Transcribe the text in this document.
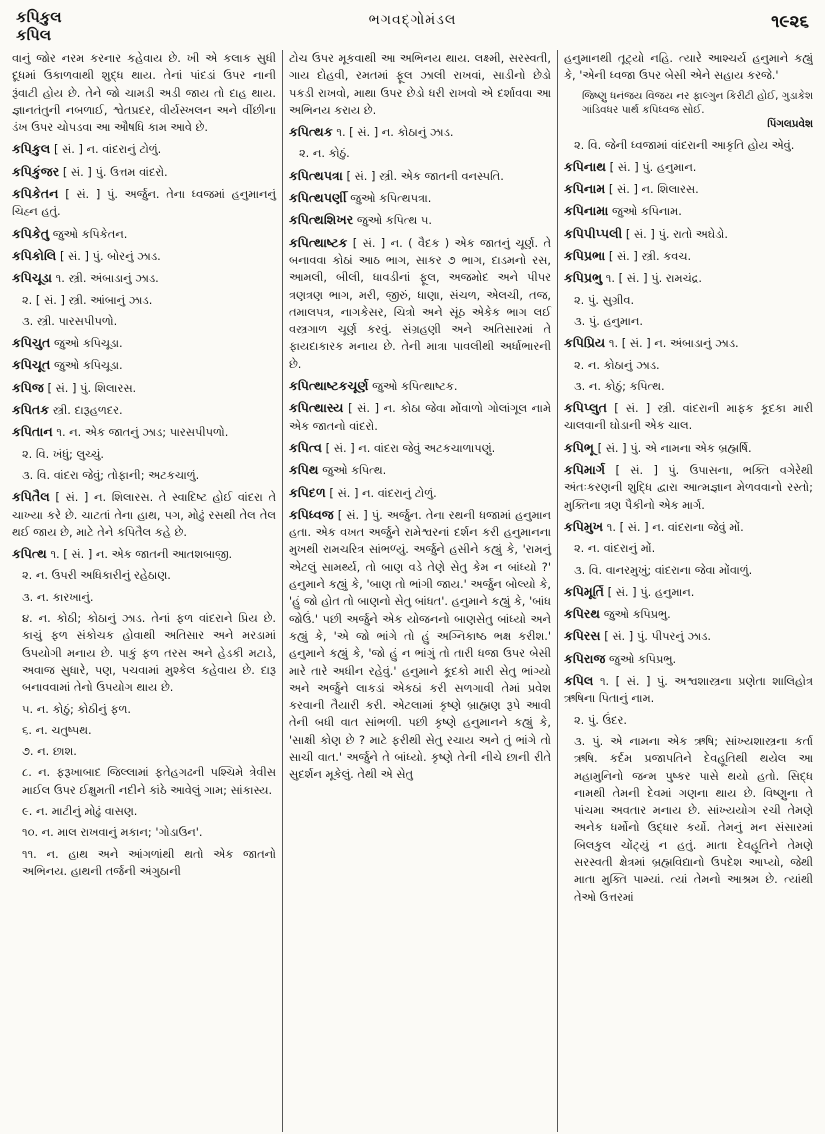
કપિકુલ
કપિલ
ભગવદ્ગોમંડલ	૧૯૨૬

વાનું જોર નરમ કરનાર કહેવાય છે. ખી એ કલાક સુધી દૂધમાં ઉકાળવાથી શુદ્ધ થાય. તેનાં પાંદડાં ઉપર નાની રૂંવાટી હોય છે. તેને જો ચામડી અડી જાય તો દાહ થાય. જ્ઞાનતંતુની નબળાઈ, શ્વેતપ્રદર, વીર્યસ્ખલન અને વીંછીના ડંખ ઉપર ચોપડવા આ ઔષધિ કામ આવે છે.

કપિકુલ [ સં. ] ન. વાંદરાનું ટોળું.

કપિકુંજર [ સં. ] પું. ઉત્તમ વાંદરો.

કપિકેતન [ સં. ] પું. અર્જુન. તેના ધ્વજમાં હનુમાનનું ચિહ્ન હતું.

કપિકેતુ જુઓ કપિકેતન.

કપિકોલિ [ સં. ] પું. બોરનું ઝાડ.

કપિચૂડા ૧. સ્ત્રી. અંબાડાનું ઝાડ.

૨. [ સં. ] સ્ત્રી. આંબાનું ઝાડ.

૩. સ્ત્રી. પારસપીપળો.

કપિચુત જુઓ કપિચૂડા.

કપિચૂત જુઓ કપિચૂડા.

કપિજ [ સં. ] પું. શિલારસ.

કપિતક સ્ત્રી. દારૂહળદર.

કપિતાન ૧. ન. એક જાતનું ઝાડ; પારસપીપળો.

૨. વિ. ખંધું; લુચ્ચું.

૩. વિ. વાંદરા જેવું; તોફાની; અટકચાળું.

કપિતૈલ [ સં. ] ન. શિલારસ. તે સ્વાદિષ્ટ હોઈ વાંદરા તે ચાખ્યા કરે છે. ચાટતાં તેના હાથ, પગ, મોઢું રસથી તેલ તેલ થઈ જાય છે, માટે તેને કપિતૈલ કહે છે.

કપિત્થ ૧. [ સં. ] ન. એક જાતની આતશબાજી.

૨. ન. ઉપરી અધિકારીનું રહેઠાણ.

૩. ન. કારખાનું.

૪. ન. કોઠી; કોઠાનું ઝાડ. તેનાં ફળ વાંદરાને પ્રિય છે. કાચું ફળ સંકોચક હોવાથી અતિસાર અને મરડામાં ઉપયોગી મનાય છે. પાકું ફળ તરસ અને હેડકી મટાડે, અવાજ સુધારે, પણ, પચવામાં મુશ્કેલ કહેવાય છે. દારૂ બનાવવામાં તેનો ઉપયોગ થાય છે.

૫. ન. કોઠું; કોઠીનું ફળ.

૬. ન. ચતુષ્પથ.

૭. ન. છાશ.

૮. ન. ફરૂખાબાદ જિલ્લામાં ફતેહગઢની પશ્ચિમે ત્રેવીસ માઈલ ઉપર ઈક્ષુમતી નદીને કાંઠે આવેલું ગામ; સાંકાસ્ય.

૯. ન. માટીનું મોઢું વાસણ.

૧૦. ન. માલ રાખવાનું મકાન; 'ગોડાઉન'.

૧૧. ન. હાથ અને આંગળાંથી થતો એક જાતનો અભિનય. હાથની તર્જની અંગુઠાની

ટોચ ઉપર મૂકવાથી આ અભિનય થાય. લક્ષ્મી, સરસ્વતી, ગાય દોહવી, રમતમાં ફૂલ ઝાલી રાખવાં, સાડીનો છેડો પકડી રાખવો, માથા ઉપર છેડો ધરી રાખવો એ દર્શાવવા આ અભિનય કરાય છે.

કપિત્થક ૧. [ સં. ] ન. કોઠાનું ઝાડ.

૨. ન. કોઠું.

કપિત્થપત્રા [ સં. ] સ્ત્રી. એક જાતની વનસ્પતિ.

કપિત્થપર્ણી જુઓ કપિત્થપત્રા.

કપિત્થશિખર જુઓ કપિત્થ ૫.

કપિત્થાષ્ટક [ સં. ] ન. ( વૈદક ) એક જાતનું ચૂર્ણ. તે બનાવવા કોઠાં આઠ ભાગ, સાકર ૭ ભાગ, દાડમનો રસ, આમલી, બીલી, ધાવડીનાં ફૂલ, અજમોદ અને પીપર ત્રણત્રણ ભાગ, મરી, જીરું, ધાણા, સંચળ, એલચી, તજ, તમાલપત્ર, નાગકેસર, ચિત્રો અને સૂંઠ એકેક ભાગ લઈ વસ્ત્રગાળ ચૂર્ણ કરવું. સંગ્રહણી અને અતિસારમાં તે ફાયદાકારક મનાય છે. તેની માત્રા પાવલીથી અર્ધાભારની છે.

કપિત્થાષ્ટકચૂર્ણ જુઓ કપિત્થાષ્ટક.

કપિત્થાસ્ય [ સં. ] ન. કોઠા જેવા મોંવાળો ગોલાંગૂલ નામે એક જાતનો વાંદરો.

કપિત્વ [ સં. ] ન. વાંદરા જેવું અટકચાળાપણું.

કપિથ જુઓ કપિત્થ.

કપિદળ [ સં. ] ન. વાંદરાનું ટોળું.

કપિધ્વજ [ સં. ] પું. અર્જુન. તેના રથની ધજામાં હનુમાન હતા. એક વખત અર્જુને રામેશ્વરનાં દર્શન કરી હનુમાનના મુખથી રામચરિત્ર સાંભળ્યું. અર્જુને હસીને કહ્યું કે, 'રામનું એટલું સામર્થ્ય, તો બાણ વડે તેણે સેતુ કેમ ન બાંધ્યો ?' હનુમાને કહ્યું કે, 'બાણ તો ભાંગી જાય.' અર્જુન બોલ્યો કે, 'હું જો હોત તો બાણનો સેતુ બાંધત'. હનુમાને કહ્યું કે, 'બાંધ જોઉં.' પછી અર્જુને એક યોજનનો બાણસેતુ બાંધ્યો અને કહ્યું કે, 'એ જો ભાંગે તો હું અગ્નિકાષ્ઠ ભક્ષ કરીશ.' હનુમાને કહ્યું કે, 'જો હું ન ભાંગું તો તારી ધજા ઉપર બેસી મારે તારે અધીન રહેવું.' હનુમાને કૂદકો મારી સેતુ ભાંગ્યો અને અર્જુને લાકડાં એકઠાં કરી સળગાવી તેમાં પ્રવેશ કરવાની તૈયારી કરી. એટલામાં કૃષ્ણે બ્રાહ્મણ રૂપે આવી તેની બધી વાત સાંભળી. પછી કૃષ્ણે હનુમાનને કહ્યું કે, 'સાક્ષી કોણ છે ? માટે ફરીથી સેતુ રચાય અને તું ભાંગે તો સાચી વાત.' અર્જુને તે બાંધ્યો. કૃષ્ણે તેની નીચે છાની રીતે સુદર્શન મૂકેલું. તેથી એ સેતુ

હનુમાનથી તૂટ્યો નહિ. ત્યારે આશ્ચર્ય હનુમાને કહ્યું કે, 'એની ધ્વજા ઉપર બેસી એને સહાય કરજે.'

જિષ્ણુ ધનંજય વિજય નર ફાલ્ગુન કિરીટી હોઈ, ગુડાકેશ ગાંડિવધર પાર્થ કપિધ્વજ સોઈ.
પિંગલપ્રવેશ

૨. વિ. જેની ધ્વજામાં વાંદરાની આકૃતિ હોય એવું.

કપિનાથ [ સં. ] પું. હનુમાન.

કપિનામ [ સં. ] ન. શિલારસ.

કપિનામા જુઓ કપિનામ.

કપિપીપ્પલી [ સં. ] પું. રાતો અઘેડો.

કપિપ્રભા [ સં. ] સ્ત્રી. કવચ.

કપિપ્રભુ ૧. [ સં. ] પું. રામચંદ્ર.

૨. પું. સુગ્રીવ.

૩. પું. હનુમાન.

કપિપ્રિય ૧. [ સં. ] ન. અંબાડાનું ઝાડ.

૨. ન. કોઠાનું ઝાડ.

૩. ન. કોઠું; કપિત્થ.

કપિપ્લુત [ સં. ] સ્ત્રી. વાંદરાની માફક કૂદકા મારી ચાલવાની ઘોડાની એક ચાલ.

કપિભૂ [ સં. ] પું. એ નામના એક બ્રહ્મર્ષિ.

કપિમાર્ગ [ સં. ] પું. ઉપાસના, ભક્તિ વગેરેથી અંતઃકરણની શુદ્ધિ દ્વારા આત્મજ્ઞાન મેળવવાનો રસ્તો; મુક્તિના ત્રણ પૈકીનો એક માર્ગ.

કપિમુખ ૧. [ સં. ] ન. વાંદરાના જેવું મોં.

૨. ન. વાંદરાનું મોં.

૩. વિ. વાનરમુખું; વાંદરાના જેવા મોંવાળું.

કપિમૂર્તિ [ સં. ] પું. હનુમાન.

કપિરથ જુઓ કપિપ્રભુ.

કપિરસ [ સં. ] પું. પીપરનું ઝાડ.

કપિરાજ જુઓ કપિપ્રભુ.

કપિલ ૧. [ સં. ] પું. અશ્વશાસ્ત્રના પ્રણેતા શાલિહોત્ર ઋષિના પિતાનું નામ.

૨. પું. ઉંદર.

૩. પું. એ નામના એક ઋષિ; સાંખ્યશાસ્ત્રના કર્તા ઋષિ. કર્દમ પ્રજાપતિને દેવહૂતિથી થયેલ આ મહામુનિનો જન્મ પુષ્કર પાસે થયો હતો. સિદ્ધ નામથી તેમની દેવમાં ગણના થાય છે. વિષ્ણુના તે પાંચમા અવતાર મનાય છે. સાંખ્યયોગ રચી તેમણે અનેક ધર્મોનો ઉદ્ધાર કર્યો. તેમનું મન સંસારમાં બિલકુલ ચોંટ્યું ન હતું. માતા દેવહૂતિને તેમણે સરસ્વતી ક્ષેત્રમાં બ્રહ્મવિદ્યાનો ઉપદેશ આપ્યો, જેથી માતા મુક્તિ પામ્યાં. ત્યાં તેમનો આશ્રમ છે. ત્યાંથી તેઓ ઉત્તરમાં
